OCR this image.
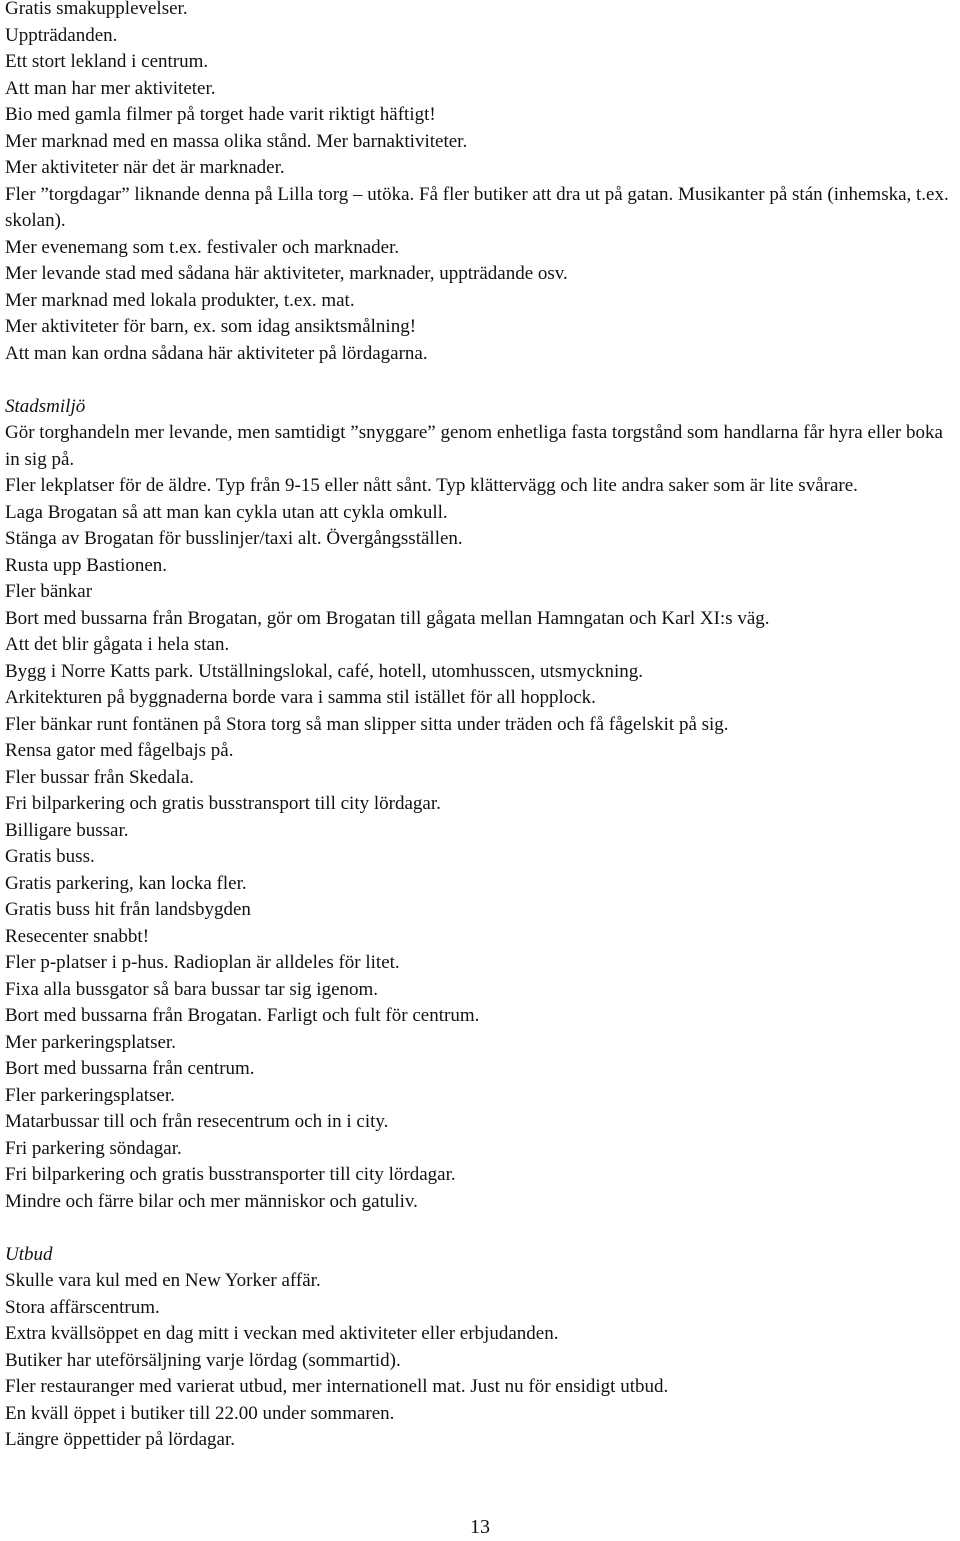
Gratis smakupplevelser.
Uppträdanden.
Ett stort lekland i centrum.
Att man har mer aktiviteter.
Bio med gamla filmer på torget hade varit riktigt häftigt!
Mer marknad med en massa olika stånd. Mer barnaktiviteter.
Mer aktiviteter när det är marknader.
Fler ”torgdagar” liknande denna på Lilla torg – utöka. Få fler butiker att dra ut på gatan. Musikanter på stán (inhemska, t.ex. skolan).
Mer evenemang som t.ex. festivaler och marknader.
Mer levande stad med sådana här aktiviteter, marknader, uppträdande osv.
Mer marknad med lokala produkter, t.ex. mat.
Mer aktiviteter för barn, ex. som idag ansiktsmålning!
Att man kan ordna sådana här aktiviteter på lördagarna.
Stadsmiljö
Gör torghandeln mer levande, men samtidigt ”snyggare” genom enhetliga fasta torgstånd som handlarna får hyra eller boka in sig på.
Fler lekplatser för de äldre. Typ från 9-15 eller nått sånt. Typ klättervägg och lite andra saker som är lite svårare.
Laga Brogatan så att man kan cykla utan att cykla omkull.
Stänga av Brogatan för busslinjer/taxi alt. Övergångsställen.
Rusta upp Bastionen.
Fler bänkar
Bort med bussarna från Brogatan, gör om Brogatan till gågata mellan Hamngatan och Karl XI:s väg.
Att det blir gågata i hela stan.
Bygg i Norre Katts park. Utställningslokal, café, hotell, utomhusscen, utsmyckning.
Arkitekturen på byggnaderna borde vara i samma stil istället för all hopplock.
Fler bänkar runt fontänen på Stora torg så man slipper sitta under träden och få fågelskit på sig.
Rensa gator med fågelbajs på.
Fler bussar från Skedala.
Fri bilparkering och gratis busstransport till city lördagar.
Billigare bussar.
Gratis buss.
Gratis parkering, kan locka fler.
Gratis buss hit från landsbygden
Resecenter snabbt!
Fler p-platser i p-hus. Radioplan är alldeles för litet.
Fixa alla bussgator så bara bussar tar sig igenom.
Bort med bussarna från Brogatan. Farligt och fult för centrum.
Mer parkeringsplatser.
Bort med bussarna från centrum.
Fler parkeringsplatser.
Matarbussar till och från resecentrum och in i city.
Fri parkering söndagar.
Fri bilparkering och gratis busstransporter till city lördagar.
Mindre och färre bilar och mer människor och gatuliv.
Utbud
Skulle vara kul med en New Yorker affär.
Stora affärscentrum.
Extra kvällsöppet en dag mitt i veckan med aktiviteter eller erbjudanden.
Butiker har uteförsäljning varje lördag (sommartid).
Fler restauranger med varierat utbud, mer internationell mat. Just nu för ensidigt utbud.
En kväll öppet i butiker till 22.00 under sommaren.
Längre öppettider på lördagar.
13
